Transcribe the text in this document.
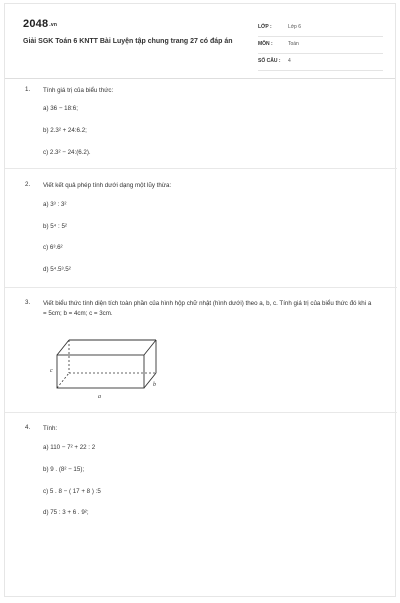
2048.vn
Giải SGK Toán 6 KNTT Bài Luyện tập chung trang 27 có đáp án
LỚP :	Lớp 6
MÔN :	Toán
SỐ CÂU : 4
1. Tính giá trị của biểu thức:
a) 36 − 18:6;
b) 2.3² + 24:6.2;
c) 2.3² − 24:(6.2).
2. Viết kết quả phép tính dưới dạng một lũy thừa:
a) 3³ : 3²
b) 5⁴ : 5²
c) 6³.6²
d) 5⁴.5³.5²
3. Viết biểu thức tính diện tích toàn phần của hình hộp chữ nhật (hình dưới) theo a, b, c. Tính giá trị của biểu thức đó khi a = 5cm; b = 4cm; c = 3cm.
c
b
a
4. Tính:
a) 110 − 7² + 22 : 2
b) 9 . (8² − 15);
c) 5 . 8 − ( 17 + 8 ) :5
d) 75 : 3 + 6 . 9²;
